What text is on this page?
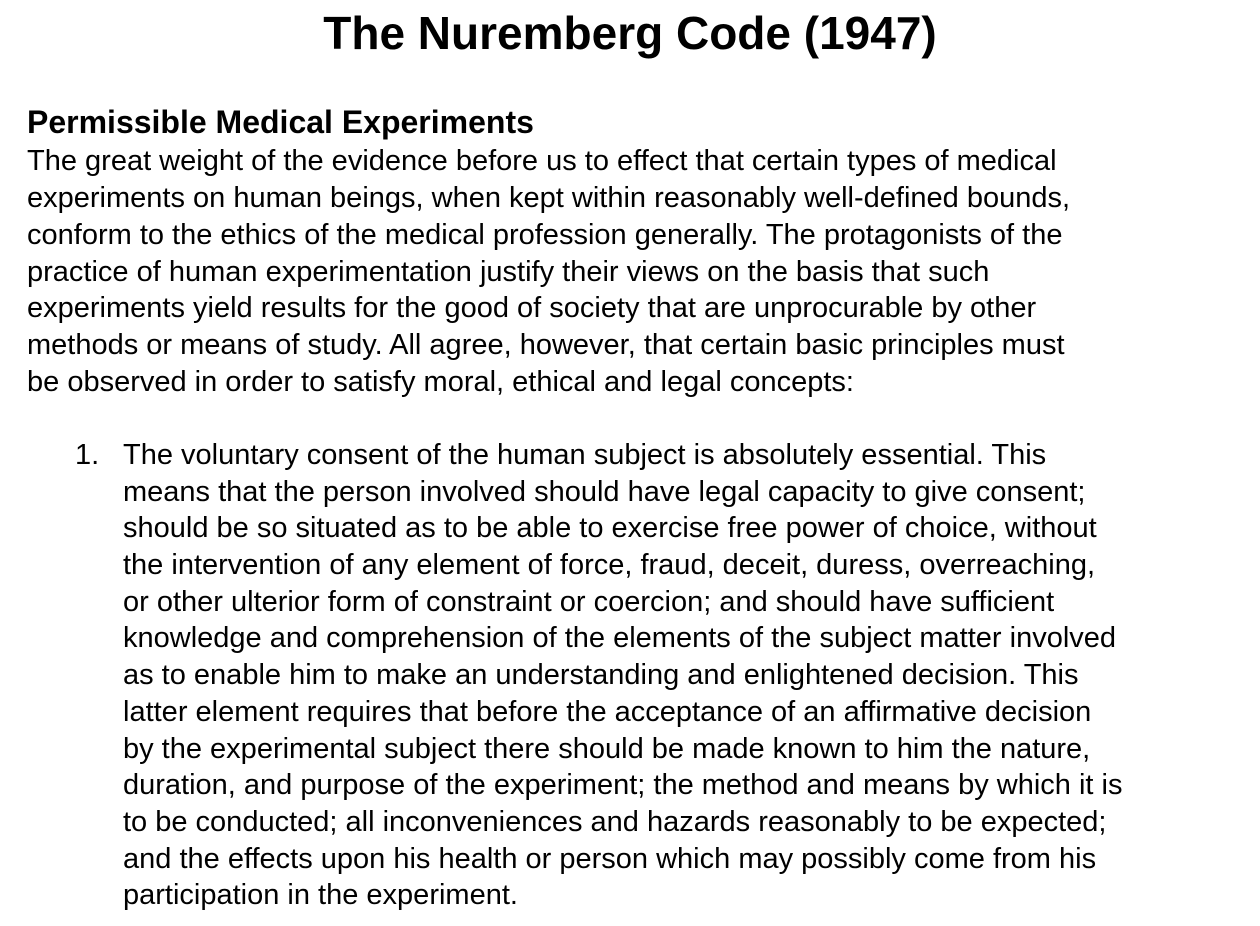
The Nuremberg Code (1947)
Permissible Medical Experiments

The great weight of the evidence before us to effect that certain types of medical

experiments on human beings, when kept within reasonably well-defined bounds,

conform to the ethics of the medical profession generally. The protagonists of the

practice of human experimentation justify their views on the basis that such

experiments yield results for the good of society that are unprocurable by other

methods or means of study. All agree, however, that certain basic principles must

be observed in order to satisfy moral, ethical and legal concepts:

1. The voluntary consent of the human subject is absolutely essential. This

means that the person involved should have legal capacity to give consent;

should be so situated as to be able to exercise free power of choice, without

the intervention of any element of force, fraud, deceit, duress, overreaching,

or other ulterior form of constraint or coercion; and should have sufficient

knowledge and comprehension of the elements of the subject matter involved

as to enable him to make an understanding and enlightened decision. This

latter element requires that before the acceptance of an affirmative decision

by the experimental subject there should be made known to him the nature,

duration, and purpose of the experiment; the method and means by which it is

to be conducted; all inconveniences and hazards reasonably to be expected;

and the effects upon his health or person which may possibly come from his

participation in the experiment.
